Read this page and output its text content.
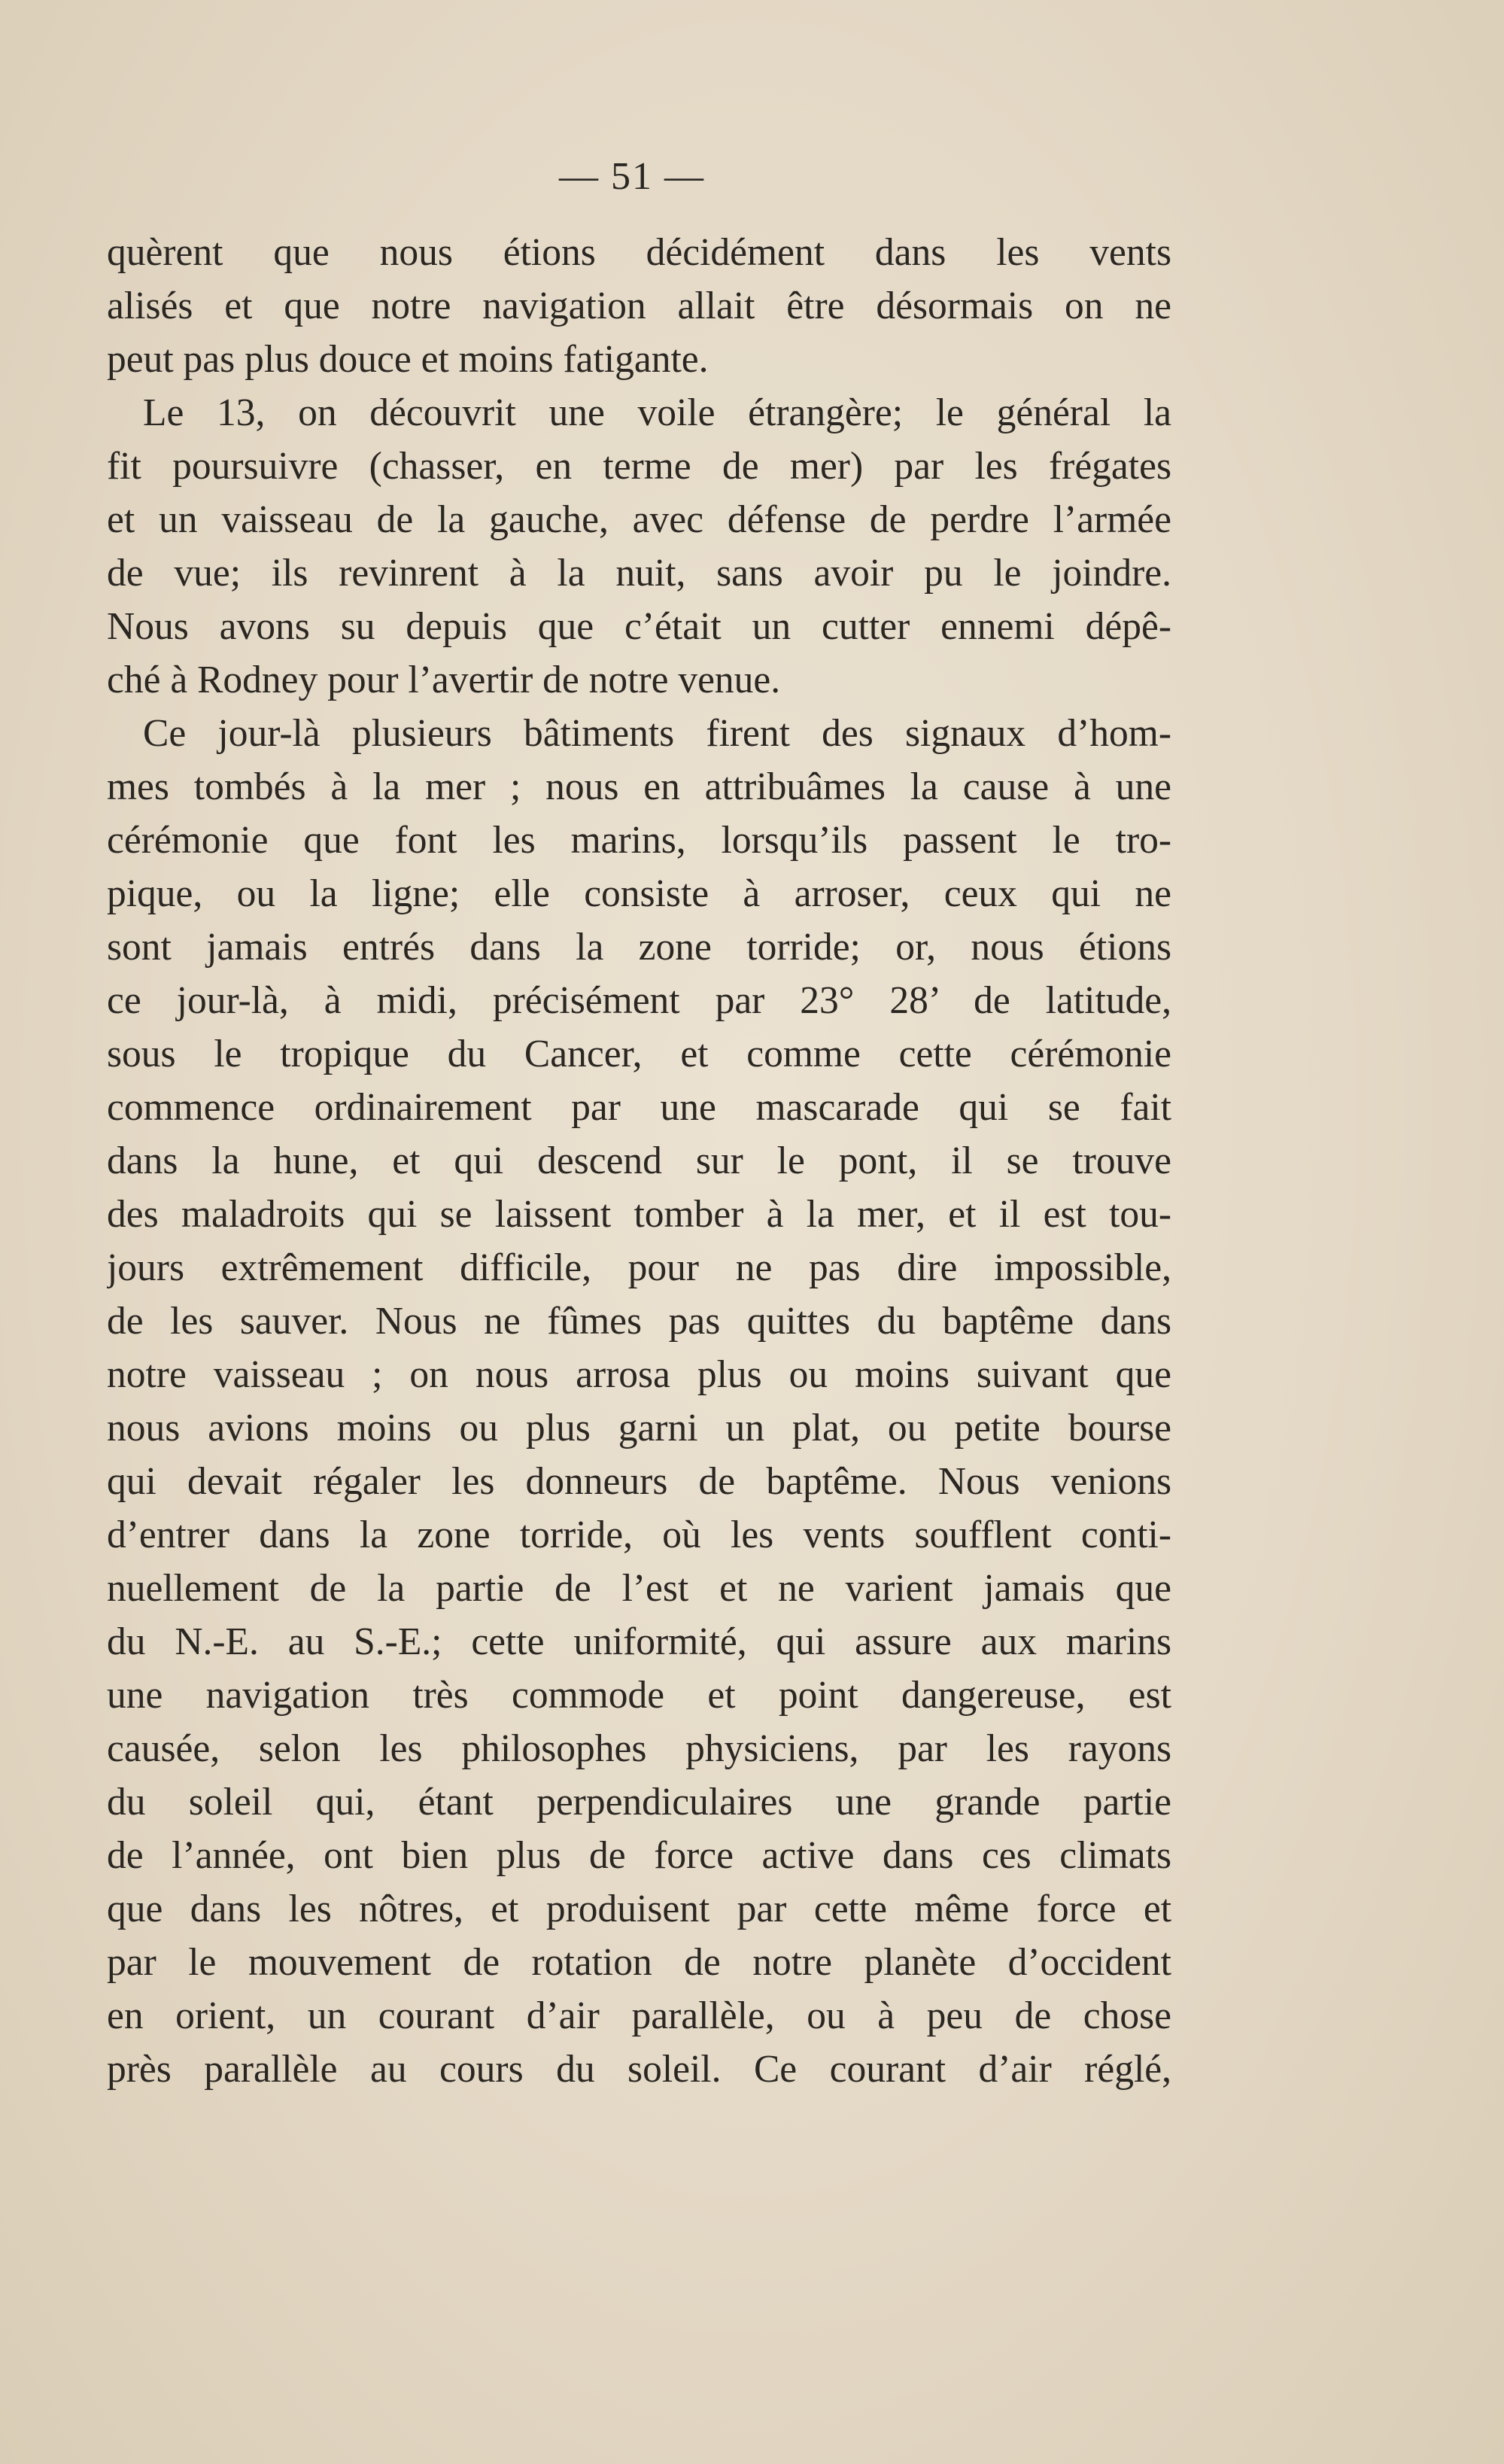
— 51 —
quèrent que nous étions décidément dans les vents
alisés et que notre navigation allait être désormais on ne
peut pas plus douce et moins fatigante.
Le 13, on découvrit une voile étrangère; le général la
fit poursuivre (chasser, en terme de mer) par les frégates
et un vaisseau de la gauche, avec défense de perdre l’armée
de vue; ils revinrent à la nuit, sans avoir pu le joindre.
Nous avons su depuis que c’était un cutter ennemi dépê-
ché à Rodney pour l’avertir de notre venue.
Ce jour-là plusieurs bâtiments firent des signaux d’hom-
mes tombés à la mer ; nous en attribuâmes la cause à une
cérémonie que font les marins, lorsqu’ils passent le tro-
pique, ou la ligne; elle consiste à arroser, ceux qui ne
sont jamais entrés dans la zone torride; or, nous étions
ce jour-là, à midi, précisément par 23° 28’ de latitude,
sous le tropique du Cancer, et comme cette cérémonie
commence ordinairement par une mascarade qui se fait
dans la hune, et qui descend sur le pont, il se trouve
des maladroits qui se laissent tomber à la mer, et il est tou-
jours extrêmement difficile, pour ne pas dire impossible,
de les sauver. Nous ne fûmes pas quittes du baptême dans
notre vaisseau ; on nous arrosa plus ou moins suivant que
nous avions moins ou plus garni un plat, ou petite bourse
qui devait régaler les donneurs de baptême. Nous venions
d’entrer dans la zone torride, où les vents soufflent conti-
nuellement de la partie de l’est et ne varient jamais que
du N.-E. au S.-E.; cette uniformité, qui assure aux marins
une navigation très commode et point dangereuse, est
causée, selon les philosophes physiciens, par les rayons
du soleil qui, étant perpendiculaires une grande partie
de l’année, ont bien plus de force active dans ces climats
que dans les nôtres, et produisent par cette même force et
par le mouvement de rotation de notre planète d’occident
en orient, un courant d’air parallèle, ou à peu de chose
près parallèle au cours du soleil. Ce courant d’air réglé,
